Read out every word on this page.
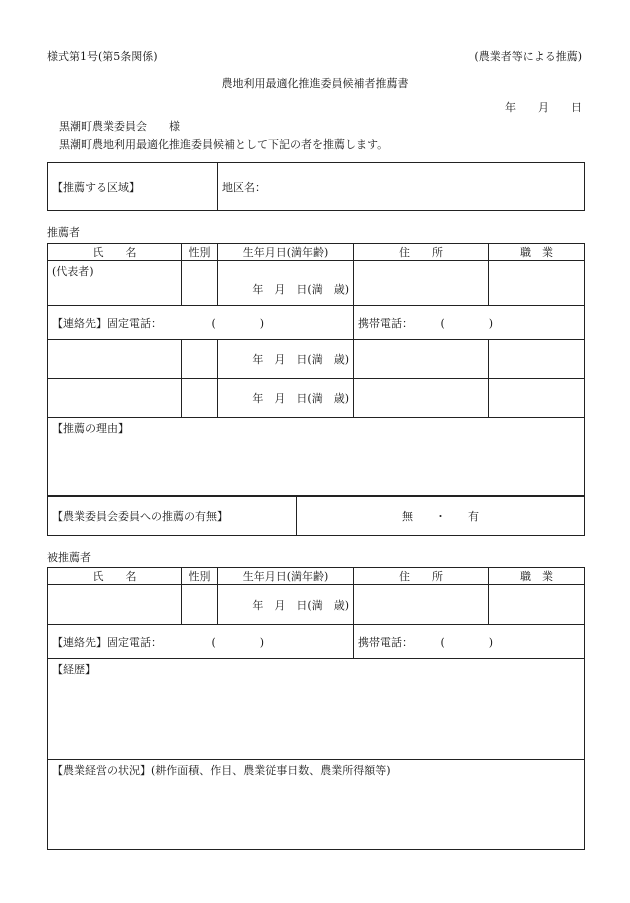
様式第1号(第5条関係)	(農業者等による推薦)
農地利用最適化推進委員候補者推薦書
年　　月　　日
黒潮町農業委員会　　様
黒潮町農地利用最適化推進委員候補として下記の者を推薦します。
【推薦する区域】	地区名：
推薦者
氏　　名	性別	生年月日(満年齢)	住　　所	職　業
(代表者)		年　月　日(満　歳)		
【連絡先】固定電話：　　　　　(　　　　)			携帯電話：　　　(　　　　)	
		年　月　日(満　歳)		
		年　月　日(満　歳)		
【推薦の理由】				
【農業委員会委員への推薦の有無】	無　　・　　有
被推薦者
氏　　名	性別	生年月日(満年齢)	住　　所	職　業
		年　月　日(満　歳)		
【連絡先】固定電話：　　　　　(　　　　)			携帯電話：　　　(　　　　)	
【経歴】				
【農業経営の状況】(耕作面積、作目、農業従事日数、農業所得額等)				
